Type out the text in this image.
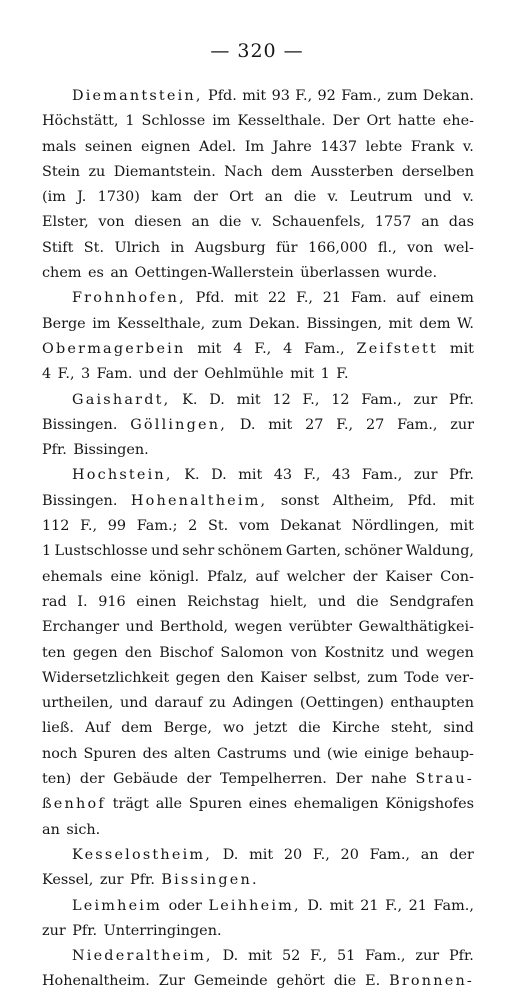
— 320 —
Diemantstein, Pfd. mit 93 F., 92 Fam., zum Dekan.
Höchstätt, 1 Schlosse im Kesselthale. Der Ort hatte ehe-
mals seinen eignen Adel. Im Jahre 1437 lebte Frank v.
Stein zu Diemantstein. Nach dem Aussterben derselben
(im J. 1730) kam der Ort an die v. Leutrum und v.
Elster, von diesen an die v. Schauenfels, 1757 an das
Stift St. Ulrich in Augsburg für 166,000 fl., von wel-
chem es an Oettingen-Wallerstein überlassen wurde.
Frohnhofen, Pfd. mit 22 F., 21 Fam. auf einem
Berge im Kesselthale, zum Dekan. Bissingen, mit dem W.
Obermagerbein mit 4 F., 4 Fam., Zeifstett mit
4 F., 3 Fam. und der Oehlmühle mit 1 F.
Gaishardt, K. D. mit 12 F., 12 Fam., zur Pfr.
Bissingen. Göllingen, D. mit 27 F., 27 Fam., zur
Pfr. Bissingen.
Hochstein, K. D. mit 43 F., 43 Fam., zur Pfr.
Bissingen. Hohenaltheim, sonst Altheim, Pfd. mit
112 F., 99 Fam.; 2 St. vom Dekanat Nördlingen, mit
1 Lustschlosse und sehr schönem Garten, schöner Waldung,
ehemals eine königl. Pfalz, auf welcher der Kaiser Con-
rad I. 916 einen Reichstag hielt, und die Sendgrafen
Erchanger und Berthold, wegen verübter Gewalthätigkei-
ten gegen den Bischof Salomon von Kostnitz und wegen
Widersetzlichkeit gegen den Kaiser selbst, zum Tode ver-
urtheilen, und darauf zu Adingen (Oettingen) enthaupten
ließ. Auf dem Berge, wo jetzt die Kirche steht, sind
noch Spuren des alten Castrums und (wie einige behaup-
ten) der Gebäude der Tempelherren. Der nahe Strau-
ßenhof trägt alle Spuren eines ehemaligen Königshofes
an sich.
Kesselostheim, D. mit 20 F., 20 Fam., an der
Kessel, zur Pfr. Bissingen.
Leimheim oder Leihheim, D. mit 21 F., 21 Fam.,
zur Pfr. Unterringingen.
Niederaltheim, D. mit 52 F., 51 Fam., zur Pfr.
Hohenaltheim. Zur Gemeinde gehört die E. Bronnen-
